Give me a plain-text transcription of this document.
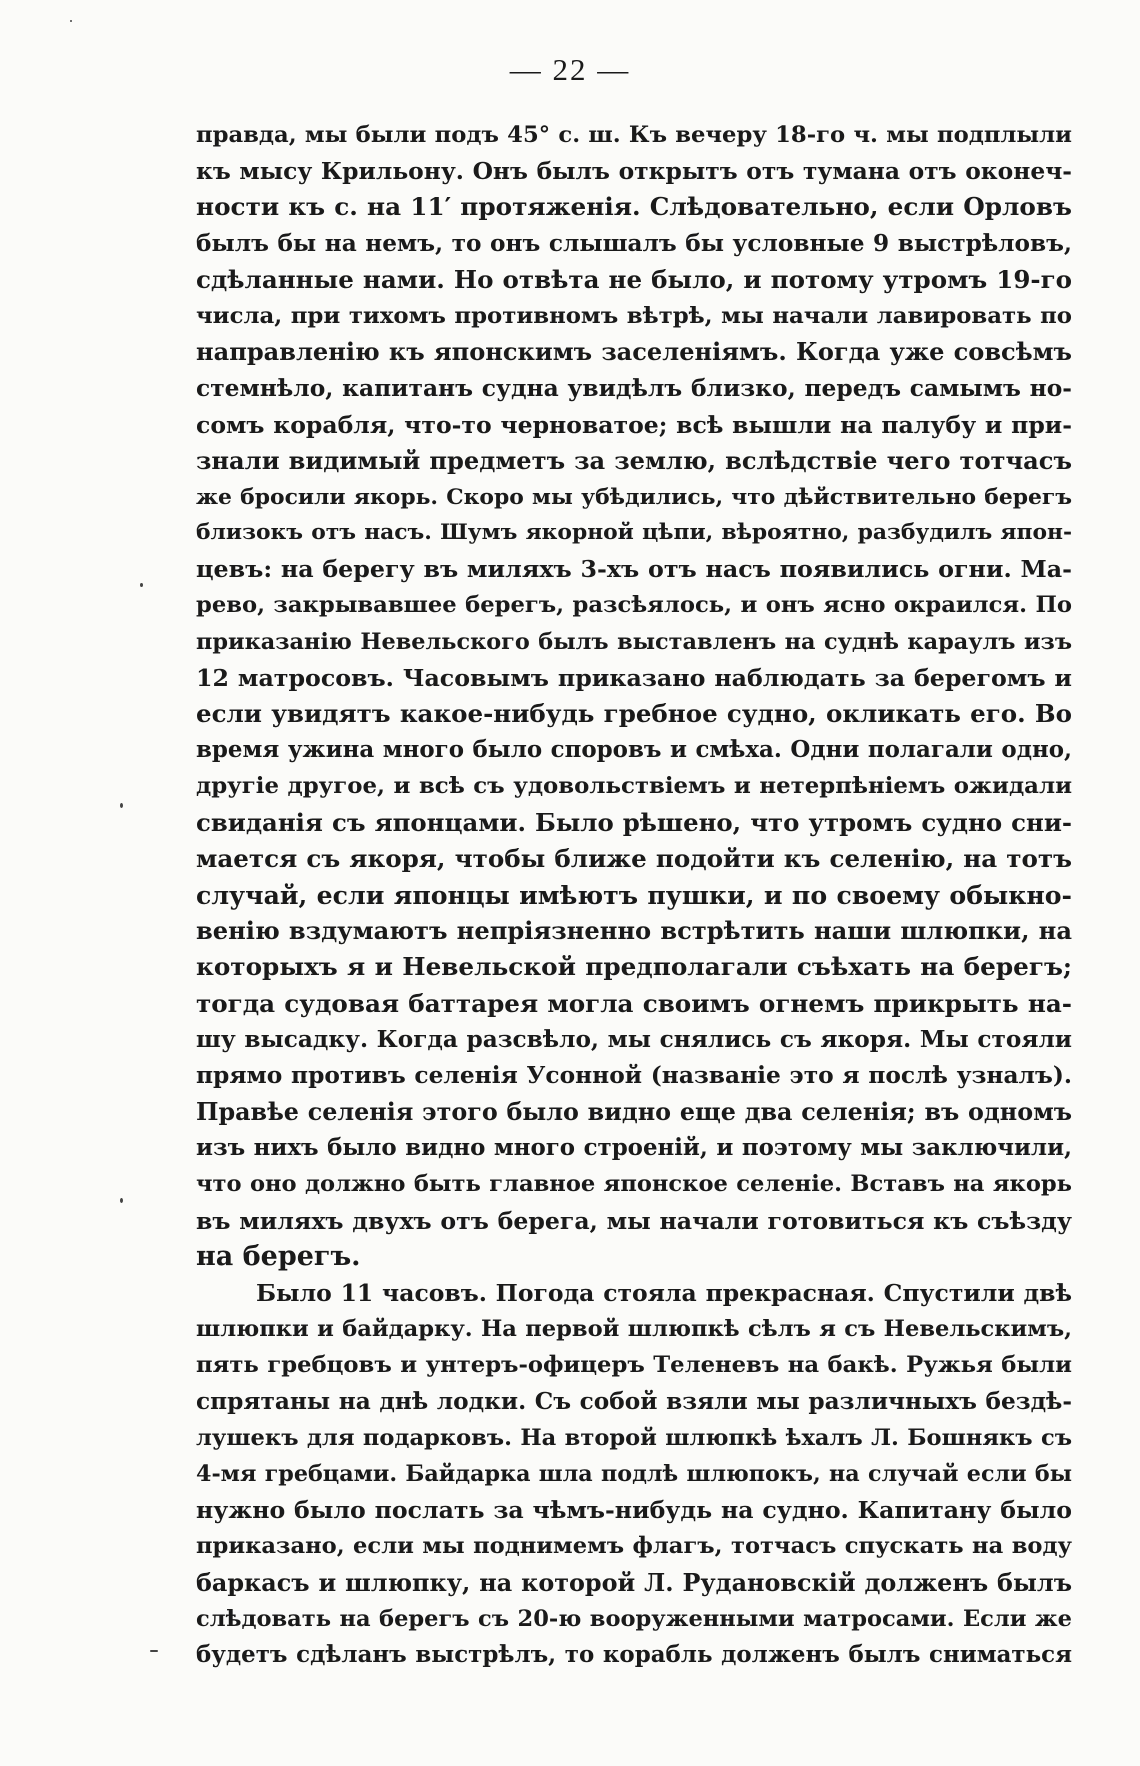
— 22 —
правда, мы были подъ 45° с. ш. Къ вечеру 18-го ч. мы подплыли
къ мысу Крильону. Онъ былъ открытъ отъ тумана отъ оконеч-
ности къ с. на 11′ протяженія. Слѣдовательно, если Орловъ
былъ бы на немъ, то онъ слышалъ бы условные 9 выстрѣловъ,
сдѣланные нами. Но отвѣта не было, и потому утромъ 19-го
числа, при тихомъ противномъ вѣтрѣ, мы начали лавировать по
направленію къ японскимъ заселеніямъ. Когда уже совсѣмъ
стемнѣло, капитанъ судна увидѣлъ близко, передъ самымъ но-
сомъ корабля, что-то черноватое; всѣ вышли на палубу и при-
знали видимый предметъ за землю, вслѣдствіе чего тотчасъ
же бросили якорь. Скоро мы убѣдились, что дѣйствительно берегъ
близокъ отъ насъ. Шумъ якорной цѣпи, вѣроятно, разбудилъ япон-
цевъ: на берегу въ миляхъ 3-хъ отъ насъ появились огни. Ма-
рево, закрывавшее берегъ, разсѣялось, и онъ ясно окраился. По
приказанію Невельского былъ выставленъ на суднѣ караулъ изъ
12 матросовъ. Часовымъ приказано наблюдать за берегомъ и
если увидятъ какое-нибудь гребное судно, окликать его. Во
время ужина много было споровъ и смѣха. Одни полагали одно,
другіе другое, и всѣ съ удовольствіемъ и нетерпѣніемъ ожидали
свиданія съ японцами. Было рѣшено, что утромъ судно сни-
мается съ якоря, чтобы ближе подойти къ селенію, на тотъ
случай, если японцы имѣютъ пушки, и по своему обыкно-
венію вздумаютъ непріязненно встрѣтить наши шлюпки, на
которыхъ я и Невельской предполагали съѣхать на берегъ;
тогда судовая баттарея могла своимъ огнемъ прикрыть на-
шу высадку. Когда разсвѣло, мы снялись съ якоря. Мы стояли
прямо противъ селенія Усонной (названіе это я послѣ узналъ).
Правѣе селенія этого было видно еще два селенія; въ одномъ
изъ нихъ было видно много строеній, и поэтому мы заключили,
что оно должно быть главное японское селеніе. Вставъ на якорь
въ миляхъ двухъ отъ берега, мы начали готовиться къ съѣзду
на берегъ.
Было 11 часовъ. Погода стояла прекрасная. Спустили двѣ
шлюпки и байдарку. На первой шлюпкѣ сѣлъ я съ Невельскимъ,
пять гребцовъ и унтеръ-офицеръ Теленевъ на бакѣ. Ружья были
спрятаны на днѣ лодки. Съ собой взяли мы различныхъ бездѣ-
лушекъ для подарковъ. На второй шлюпкѣ ѣхалъ Л. Бошнякъ съ
4-мя гребцами. Байдарка шла подлѣ шлюпокъ, на случай если бы
нужно было послать за чѣмъ-нибудь на судно. Капитану было
приказано, если мы поднимемъ флагъ, тотчасъ спускать на воду
баркасъ и шлюпку, на которой Л. Рудановскій долженъ былъ
слѣдовать на берегъ съ 20-ю вооруженными матросами. Если же
будетъ сдѣланъ выстрѣлъ, то корабль долженъ былъ сниматься
